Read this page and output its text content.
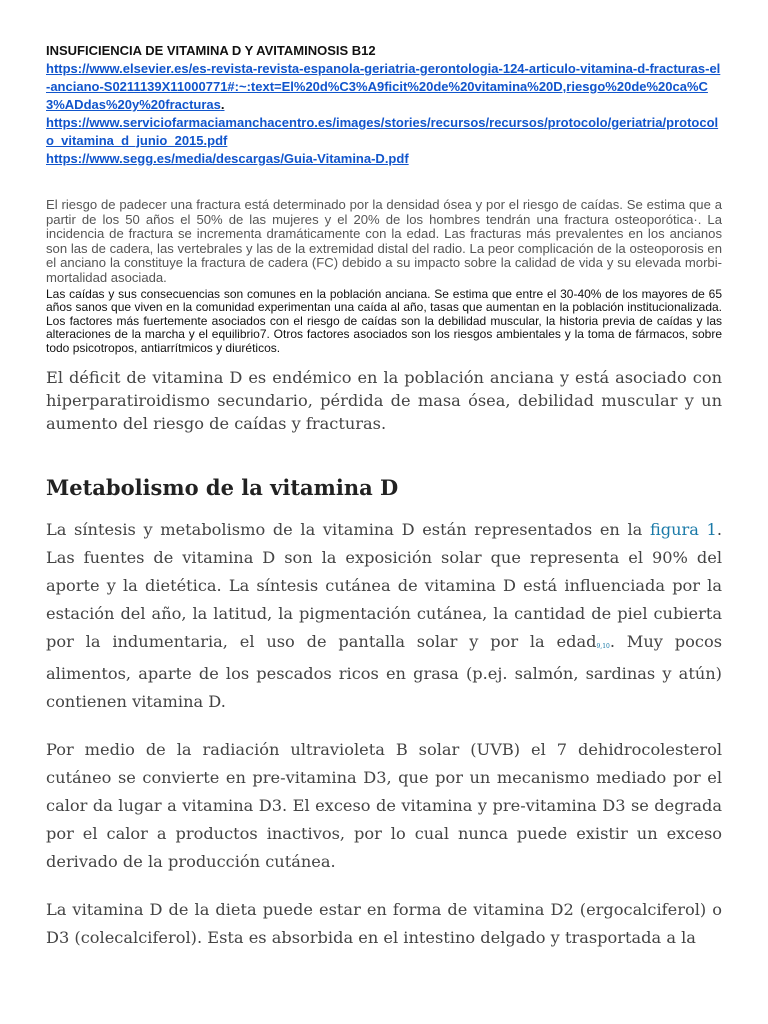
INSUFICIENCIA DE VITAMINA D Y AVITAMINOSIS B12
https://www.elsevier.es/es-revista-revista-espanola-geriatria-gerontologia-124-articulo-vitamina-d-fracturas-el-anciano-S0211139X11000771#:~:text=El%20d%C3%A9ficit%20de%20vitamina%20D,riesgo%20de%20ca%C3%ADdas%20y%20fracturas.
https://www.serviciofarmaciamanchacentro.es/images/stories/recursos/recursos/protocolo/geriatria/protocolo_vitamina_d_junio_2015.pdf
https://www.segg.es/media/descargas/Guia-Vitamina-D.pdf

El riesgo de padecer una fractura está determinado por la densidad ósea y por el riesgo de caídas. Se estima que a partir de los 50 años el 50% de las mujeres y el 20% de los hombres tendrán una fractura osteoporótica·. La incidencia de fractura se incrementa dramáticamente con la edad. Las fracturas más prevalentes en los ancianos son las de cadera, las vertebrales y las de la extremidad distal del radio. La peor complicación de la osteoporosis en el anciano la constituye la fractura de cadera (FC) debido a su impacto sobre la calidad de vida y su elevada morbi-mortalidad asociada.

Las caídas y sus consecuencias son comunes en la población anciana. Se estima que entre el 30-40% de los mayores de 65 años sanos que viven en la comunidad experimentan una caída al año, tasas que aumentan en la población institucionalizada. Los factores más fuertemente asociados con el riesgo de caídas son la debilidad muscular, la historia previa de caídas y las alteraciones de la marcha y el equilibrio7. Otros factores asociados son los riesgos ambientales y la toma de fármacos, sobre todo psicotropos, antiarrítmicos y diuréticos.

El déficit de vitamina D es endémico en la población anciana y está asociado con hiperparatiroidismo secundario, pérdida de masa ósea, debilidad muscular y un aumento del riesgo de caídas y fracturas.

Metabolismo de la vitamina D

La síntesis y metabolismo de la vitamina D están representados en la figura 1. Las fuentes de vitamina D son la exposición solar que representa el 90% del aporte y la dietética. La síntesis cutánea de vitamina D está influenciada por la estación del año, la latitud, la pigmentación cutánea, la cantidad de piel cubierta por la indumentaria, el uso de pantalla solar y por la edad$^{9,10}$. Muy pocos alimentos, aparte de los pescados ricos en grasa (p.ej. salmón, sardinas y atún) contienen vitamina D.

Por medio de la radiación ultravioleta B solar (UVB) el 7 dehidrocolesterol cutáneo se convierte en pre-vitamina D3, que por un mecanismo mediado por el calor da lugar a vitamina D3. El exceso de vitamina y pre-vitamina D3 se degrada por el calor a productos inactivos, por lo cual nunca puede existir un exceso derivado de la producción cutánea.

La vitamina D de la dieta puede estar en forma de vitamina D2 (ergocalciferol) o D3 (colecalciferol). Esta es absorbida en el intestino delgado y trasportada a la
